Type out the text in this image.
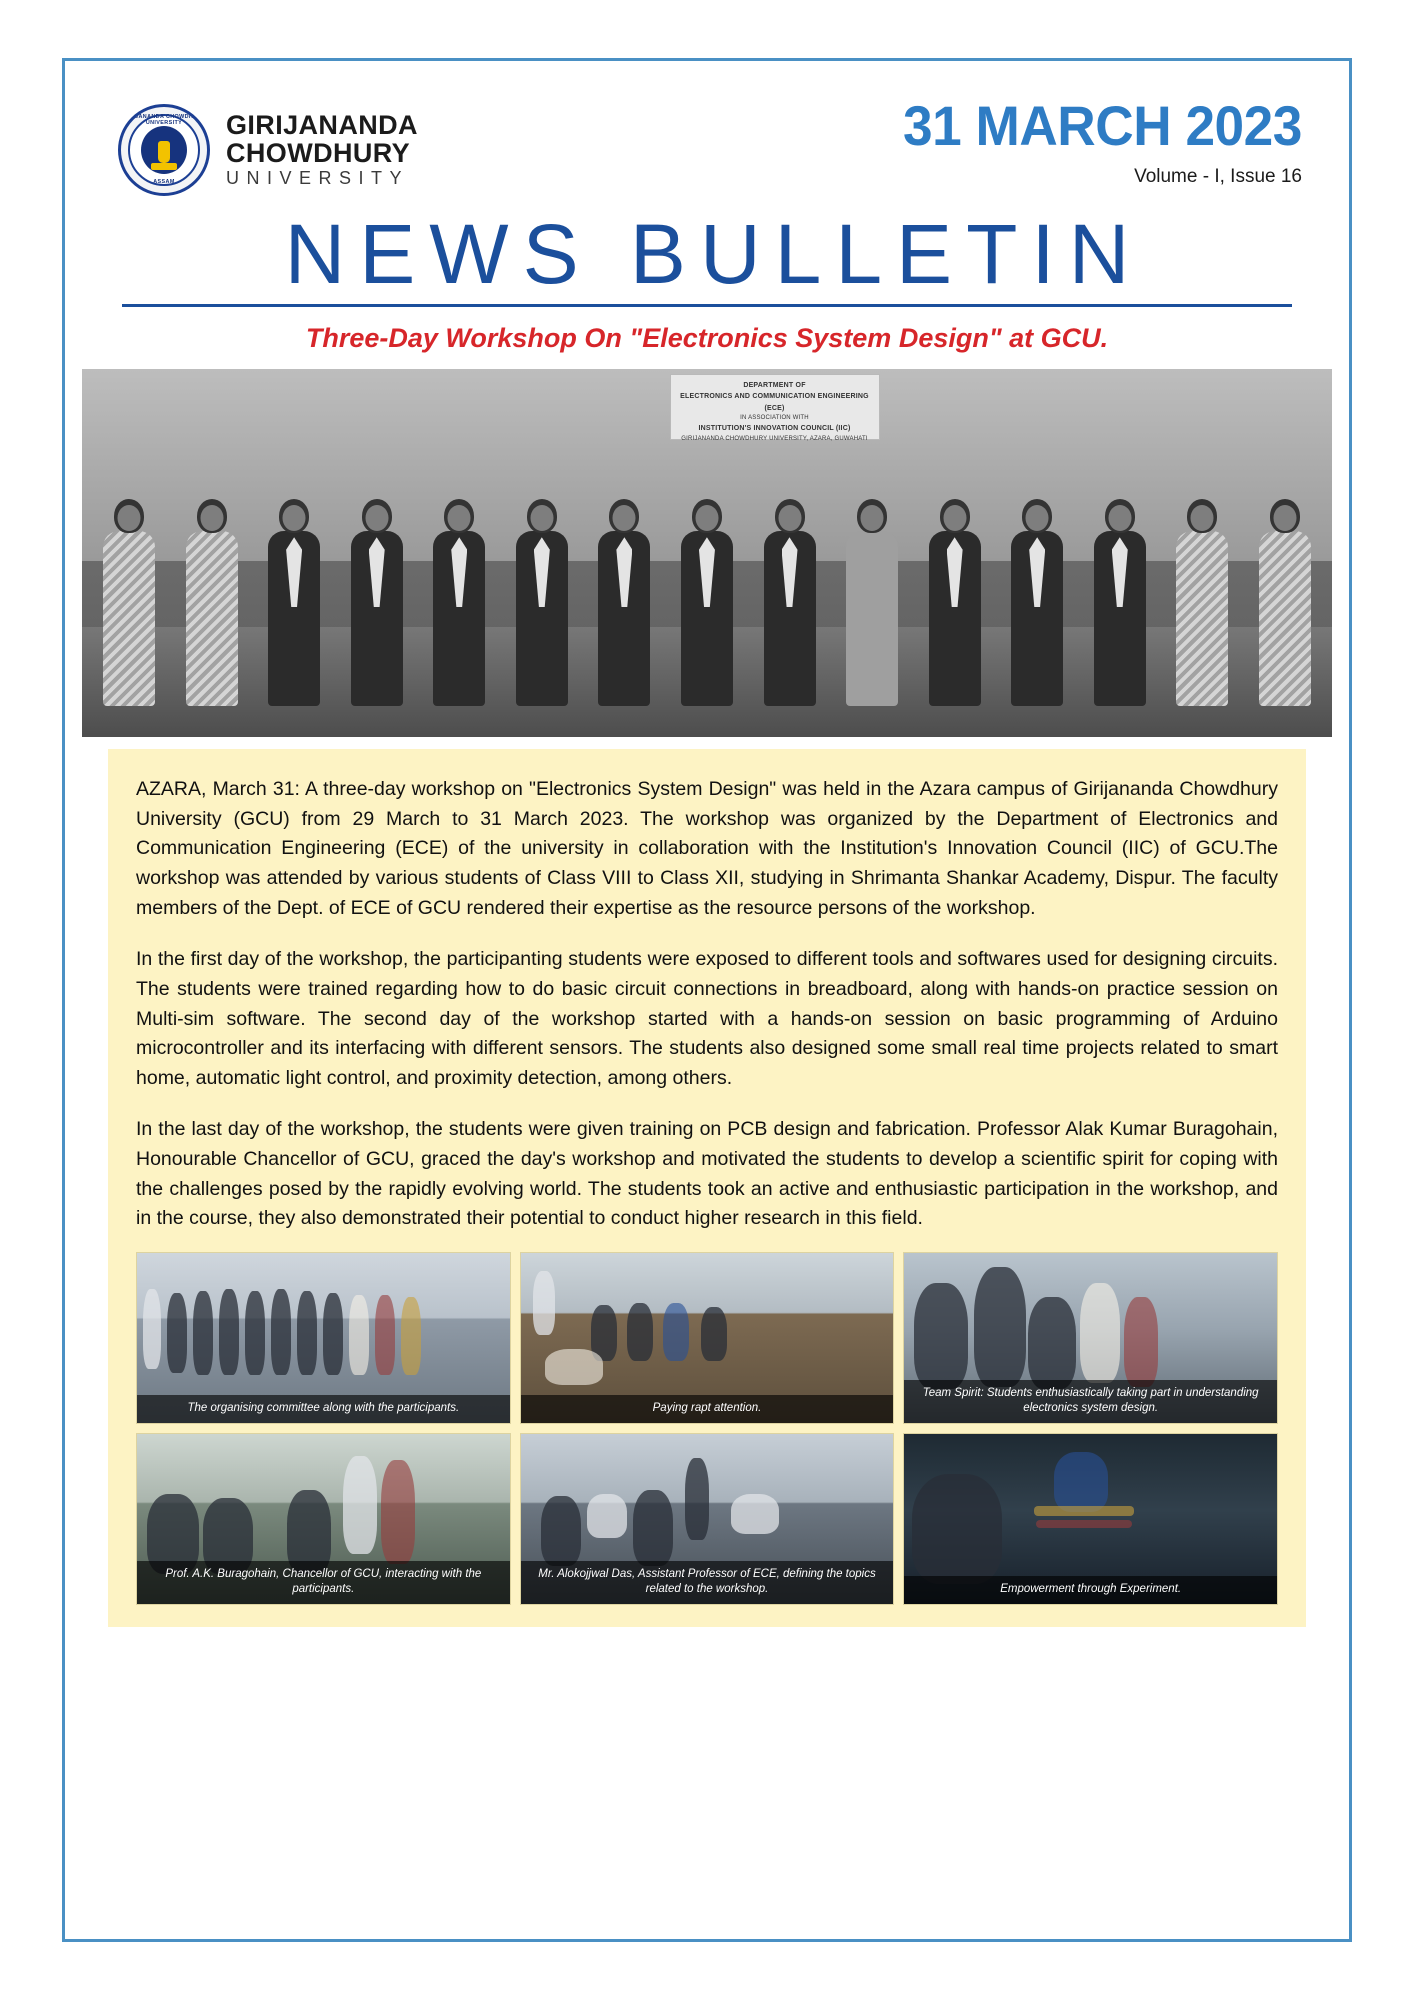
GIRIJANANDA CHOWDHURY UNIVERSITY
ASSAM
GIRIJANANDA
CHOWDHURY
UNIVERSITY
31 MARCH 2023
Volume - I, Issue 16
NEWS BULLETIN
Three-Day Workshop On "Electronics System Design" at GCU.
DEPARTMENT OF
ELECTRONICS AND COMMUNICATION ENGINEERING (ECE)
IN ASSOCIATION WITH

INSTITUTION'S INNOVATION COUNCIL (IIC)
GIRIJANANDA CHOWDHURY UNIVERSITY, AZARA, GUWAHATI

AZARA, March 31: A three-day workshop on "Electronics System Design" was held in the Azara campus of Girijananda Chowdhury University (GCU) from 29 March to 31 March 2023. The workshop was organized by the Department of Electronics and Communication Engineering (ECE) of the university in collaboration with the Institution's Innovation Council (IIC) of GCU.The workshop was attended by various students of Class VIII to Class XII, studying in Shrimanta Shankar Academy, Dispur. The faculty members of the Dept. of ECE of GCU rendered their expertise as the resource persons of the workshop.

In the first day of the workshop, the participanting students were exposed to different tools and softwares used for designing circuits. The students were trained regarding how to do basic circuit connections in breadboard, along with hands-on practice session on Multi-sim software. The second day of the workshop started with a hands-on session on basic programming of Arduino microcontroller and its interfacing with different sensors. The students also designed some small real time projects related to smart home, automatic light control, and proximity detection, among others.

In the last day of the workshop, the students were given training on PCB design and fabrication. Professor Alak Kumar Buragohain, Honourable Chancellor of GCU, graced the day's workshop and motivated the students to develop a scientific spirit for coping with the challenges posed by the rapidly evolving world. The students took an active and enthusiastic participation in the workshop, and in the course, they also demonstrated their potential to conduct higher research in this field.

The organising committee along with the participants.	Paying rapt attention.
Team Spirit: Students enthusiastically taking part in understanding electronics system design.
Prof. A.K. Buragohain, Chancellor of GCU, interacting with the participants.
Mr. Alokojjwal Das, Assistant Professor of ECE, defining the topics related to the workshop.	Empowerment through Experiment.
